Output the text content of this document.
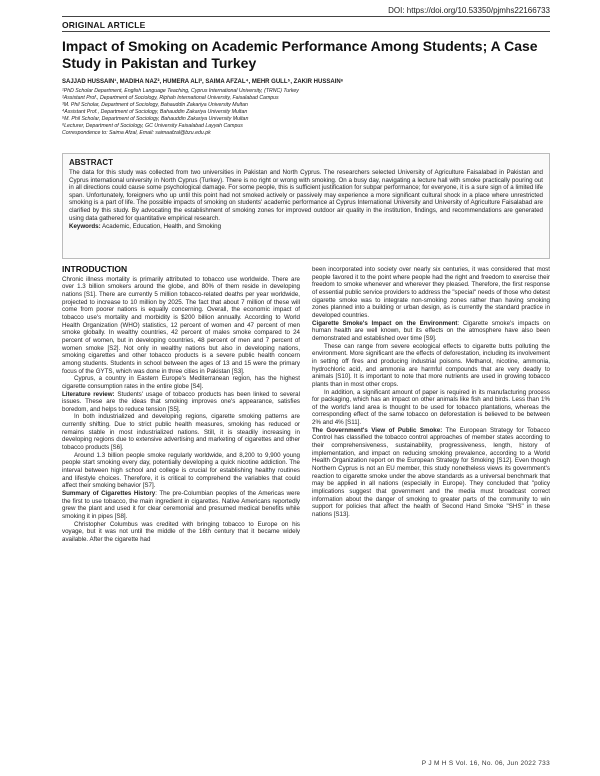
DOI: https://doi.org/10.53350/pjmhs22166733
ORIGINAL ARTICLE
Impact of Smoking on Academic Performance Among Students; A Case Study in Pakistan and Turkey
SAJJAD HUSSAIN¹, MADIHA NAZ², HUMERA ALI³, SAIMA AFZAL⁴, MEHR GULL⁵, ZAKIR HUSSAIN⁶
¹PhD Scholar Department, English Language Teaching, Cyprus International University, (TRNC) Turkey
²Assistant Prof., Department of Sociology, Riphah International University, Faisalabad Campus
³M. Phil Scholar, Department of Sociology, Bahauddin Zakariya University Multan
⁴Assistant Prof., Department of Sociology, Bahauddin Zakariya University Multan
⁵M. Phil Scholar, Department of Sociology, Bahauddin Zakariya University Multan
⁶Lecturer, Department of Sociology, GC University Faisalabad Layyah Campus
Correspondence to: Saima Afzal, Email: saimaafzal@bzu.edu.pk
ABSTRACT

The data for this study was collected from two universities in Pakistan and North Cyprus. The researchers selected University of Agriculture Faisalabad in Pakistan and Cyprus international university in North Cyprus (Turkey). There is no right or wrong with smoking. On a busy day, navigating a lecture hall with smoke practically pouring out in all directions could cause some psychological damage. For some people, this is sufficient justification for subpar performance; for everyone, it is a sure sign of a limited life span. Unfortunately, foreigners who up until this point had not smoked actively or passively may experience a more significant cultural shock in a place where unrestricted smoking is a part of life. The possible impacts of smoking on students' academic performance at Cyprus International University and University of Agriculture Faisalabad are clarified by this study. By advocating the establishment of smoking zones for improved outdoor air quality in the institution, findings, and recommendations are generated using data gathered for quantitative empirical research.

Keywords: Academic, Education, Health, and Smoking

INTRODUCTION

Chronic illness mortality is primarily attributed to tobacco use worldwide. There are over 1.3 billion smokers around the globe, and 80% of them reside in developing nations [S1]. There are currently 5 million tobacco-related deaths per year worldwide, projected to increase to 10 million by 2025. The fact that about 7 million of these will come from poorer nations is equally concerning. Overall, the economic impact of tobacco use's mortality and morbidity is $200 billion annually. According to World Health Organization (WHO) statistics, 12 percent of women and 47 percent of men smoke globally. In wealthy countries, 42 percent of males smoke compared to 24 percent of women, but in developing countries, 48 percent of men and 7 percent of women smoke [S2]. Not only in wealthy nations but also in developing nations, smoking cigarettes and other tobacco products is a severe public health concern among students. Students in school between the ages of 13 and 15 were the primary focus of the GYTS, which was done in three cities in Pakistan [S3].

Cyprus, a country in Eastern Europe's Mediterranean region, has the highest cigarette consumption rates in the entire globe [S4].

Literature review: Students' usage of tobacco products has been linked to several issues. These are the ideas that smoking improves one's appearance, satisfies boredom, and helps to reduce tension [S5].

In both industrialized and developing regions, cigarette smoking patterns are currently shifting. Due to strict public health measures, smoking has reduced or remains stable in most industrialized nations. Still, it is steadily increasing in developing regions due to extensive advertising and marketing of cigarettes and other tobacco products [S6].

Around 1.3 billion people smoke regularly worldwide, and 8,200 to 9,900 young people start smoking every day, potentially developing a quick nicotine addiction. The interval between high school and college is crucial for establishing healthy routines and lifestyle choices. Therefore, it is critical to comprehend the variables that could affect their smoking behavior [S7].

Summary of Cigarettes History: The pre-Columbian peoples of the Americas were the first to use tobacco, the main ingredient in cigarettes. Native Americans reportedly grew the plant and used it for clear ceremonial and presumed medical benefits while smoking it in pipes [S8].

Christopher Columbus was credited with bringing tobacco to Europe on his voyage, but it was not until the middle of the 16th century that it became widely available. After the cigarette had

been incorporated into society over nearly six centuries, it was considered that most people favored it to the point where people had the right and freedom to exercise their freedom to smoke whenever and wherever they pleased. Therefore, the first response of essential public service providers to address the "special" needs of those who detest cigarette smoke was to integrate non-smoking zones rather than having smoking zones planned into a building or urban design, as is currently the standard practice in developed countries.

Cigarette Smoke's Impact on the Environment: Cigarette smoke's impacts on human health are well known, but its effects on the atmosphere have also been demonstrated and established over time [S9].

These can range from severe ecological effects to cigarette butts polluting the environment. More significant are the effects of deforestation, including its involvement in setting off fires and producing industrial poisons. Methanol, nicotine, ammonia, hydrochloric acid, and ammonia are harmful compounds that are very deadly to animals [S10]. It is important to note that more nutrients are used in growing tobacco plants than in most other crops.

In addition, a significant amount of paper is required in its manufacturing process for packaging, which has an impact on other animals like fish and birds. Less than 1% of the world's land area is thought to be used for tobacco plantations, whereas the corresponding effect of the same tobacco on deforestation is believed to be between 2% and 4% [S11].

The Government's View of Public Smoke: The European Strategy for Tobacco Control has classified the tobacco control approaches of member states according to their comprehensiveness, sustainability, progressiveness, length, history of implementation, and impact on reducing smoking prevalence, according to a World Health Organization report on the European Strategy for Smoking [S12]. Even though Northern Cyprus is not an EU member, this study nonetheless views its government's reaction to cigarette smoke under the above standards as a universal benchmark that may be applied in all nations (especially in Europe). They concluded that "policy implications suggest that government and the media must broadcast correct information about the danger of smoking to greater parts of the community to win support for policies that affect the health of Second Hand Smoke "SHS" in these nations [S13].

P J M H S Vol. 16, No. 06, Jun 2022 733
